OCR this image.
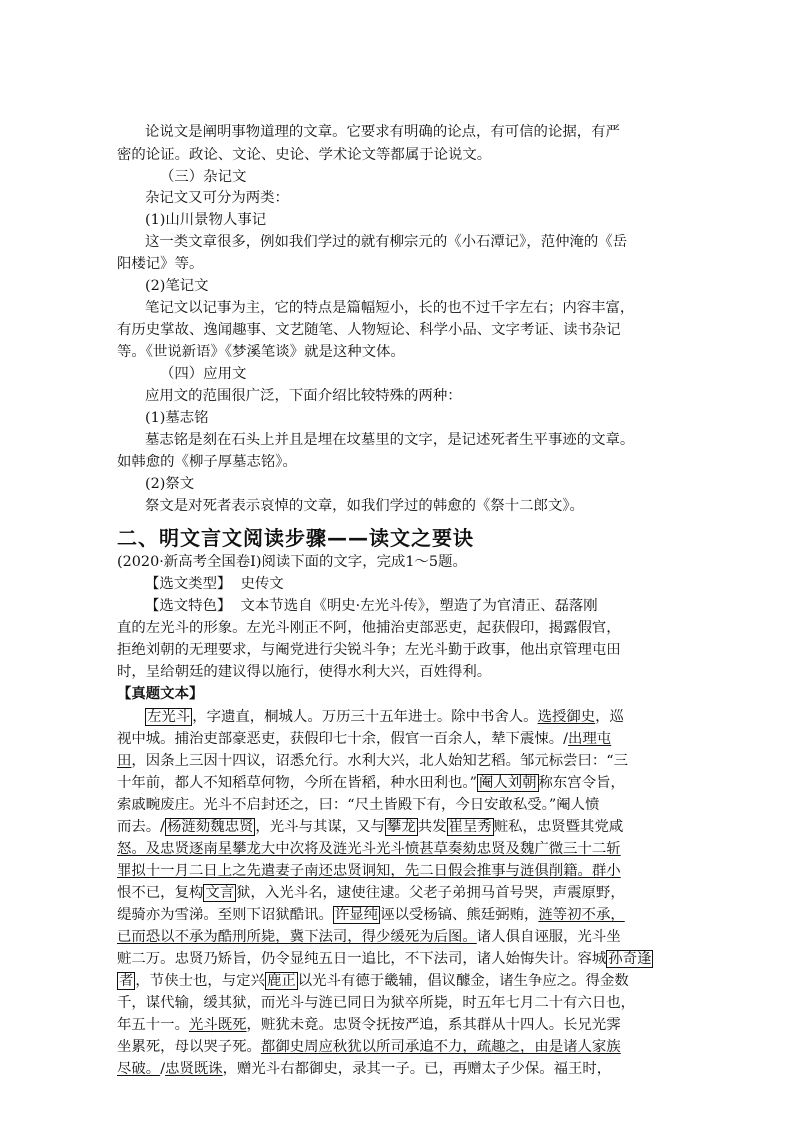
论说文是阐明事物道理的文章。它要求有明确的论点，有可信的论据，有严
密的论证。政论、文论、史论、学术论文等都属于论说文。
（三）杂记文
杂记文又可分为两类：
(1)山川景物人事记
这一类文章很多，例如我们学过的就有柳宗元的《小石潭记》，范仲淹的《岳
阳楼记》等。
(2)笔记文
笔记文以记事为主，它的特点是篇幅短小，长的也不过千字左右；内容丰富，
有历史掌故、逸闻趣事、文艺随笔、人物短论、科学小品、文字考证、读书杂记
等。《世说新语》《梦溪笔谈》就是这种文体。
（四）应用文
应用文的范围很广泛，下面介绍比较特殊的两种：
(1)墓志铭
墓志铭是刻在石头上并且是埋在坟墓里的文字，是记述死者生平事迹的文章。
如韩愈的《柳子厚墓志铭》。
(2)祭文
祭文是对死者表示哀悼的文章，如我们学过的韩愈的《祭十二郎文》。
二、明文言文阅读步骤——读文之要诀
(2020·新高考全国卷Ⅰ)阅读下面的文字，完成1～5题。
【选文类型】 史传文
【选文特色】 文本节选自《明史·左光斗传》，塑造了为官清正、磊落刚
直的左光斗的形象。左光斗刚正不阿，他捕治吏部恶吏，起获假印，揭露假官，
拒绝刘朝的无理要求，与阉党进行尖锐斗争；左光斗勤于政事，他出京管理屯田
时，呈给朝廷的建议得以施行，使得水利大兴，百姓得利。
【真题文本】
左光斗 ，字遗直，桐城人。万历三十五年进士。除中书舍人。选授御史，巡
视中城。捕治吏部豪恶吏，获假印七十余，假官一百余人，辇下震悚。/出理屯
田，因条上三因十四议，诏悉允行。水利大兴，北人始知艺稻。邹元标尝曰：“三
十年前，都人不知稻草何物，今所在皆稻，种水田利也。” 阉人刘朝 称东宫令旨，
索戚畹废庄。光斗不启封还之，曰：“尺土皆殿下有，今日安敢私受。”阉人愤
而去。/ 杨涟劾魏忠贤 ，光斗与其谋，又与 攀龙 共发 崔呈秀 赃私，忠贤暨其党咸
怒。及忠贤逐南星攀龙大中次将及涟光斗光斗愤甚草奏劾忠贤及魏广微三十二斩
罪拟十一月二日上之先遣妻子南还忠贤诇知，先二日假会推事与涟俱削籍。群小
恨不已，复构 文言 狱，入光斗名，逮使往逮。父老子弟拥马首号哭，声震原野，
缇骑亦为雪涕。至则下诏狱酷讯。 许显纯 诬以受杨镐、熊廷弼贿，涟等初不承，
已而恐以不承为酷刑所毙，冀下法司，得少缓死为后图。诸人俱自诬服，光斗坐
赃二万。忠贤乃矫旨，仍令显纯五日一追比，不下法司，诸人始悔失计。容城 孙奇逢
者 ，节侠士也，与定兴 鹿正 以光斗有德于畿辅，倡议醵金，诸生争应之。得金数
千，谋代输，缓其狱，而光斗与涟已同日为狱卒所毙，时五年七月二十有六日也，
年五十一。光斗既死，赃犹未竟。忠贤令抚按严追，系其群从十四人。长兄光霁
坐累死，母以哭子死。都御史周应秋犹以所司承追不力，疏趣之，由是诸人家族
尽破。/忠贤既诛，赠光斗右都御史，录其一子。已，再赠太子少保。福王时，
